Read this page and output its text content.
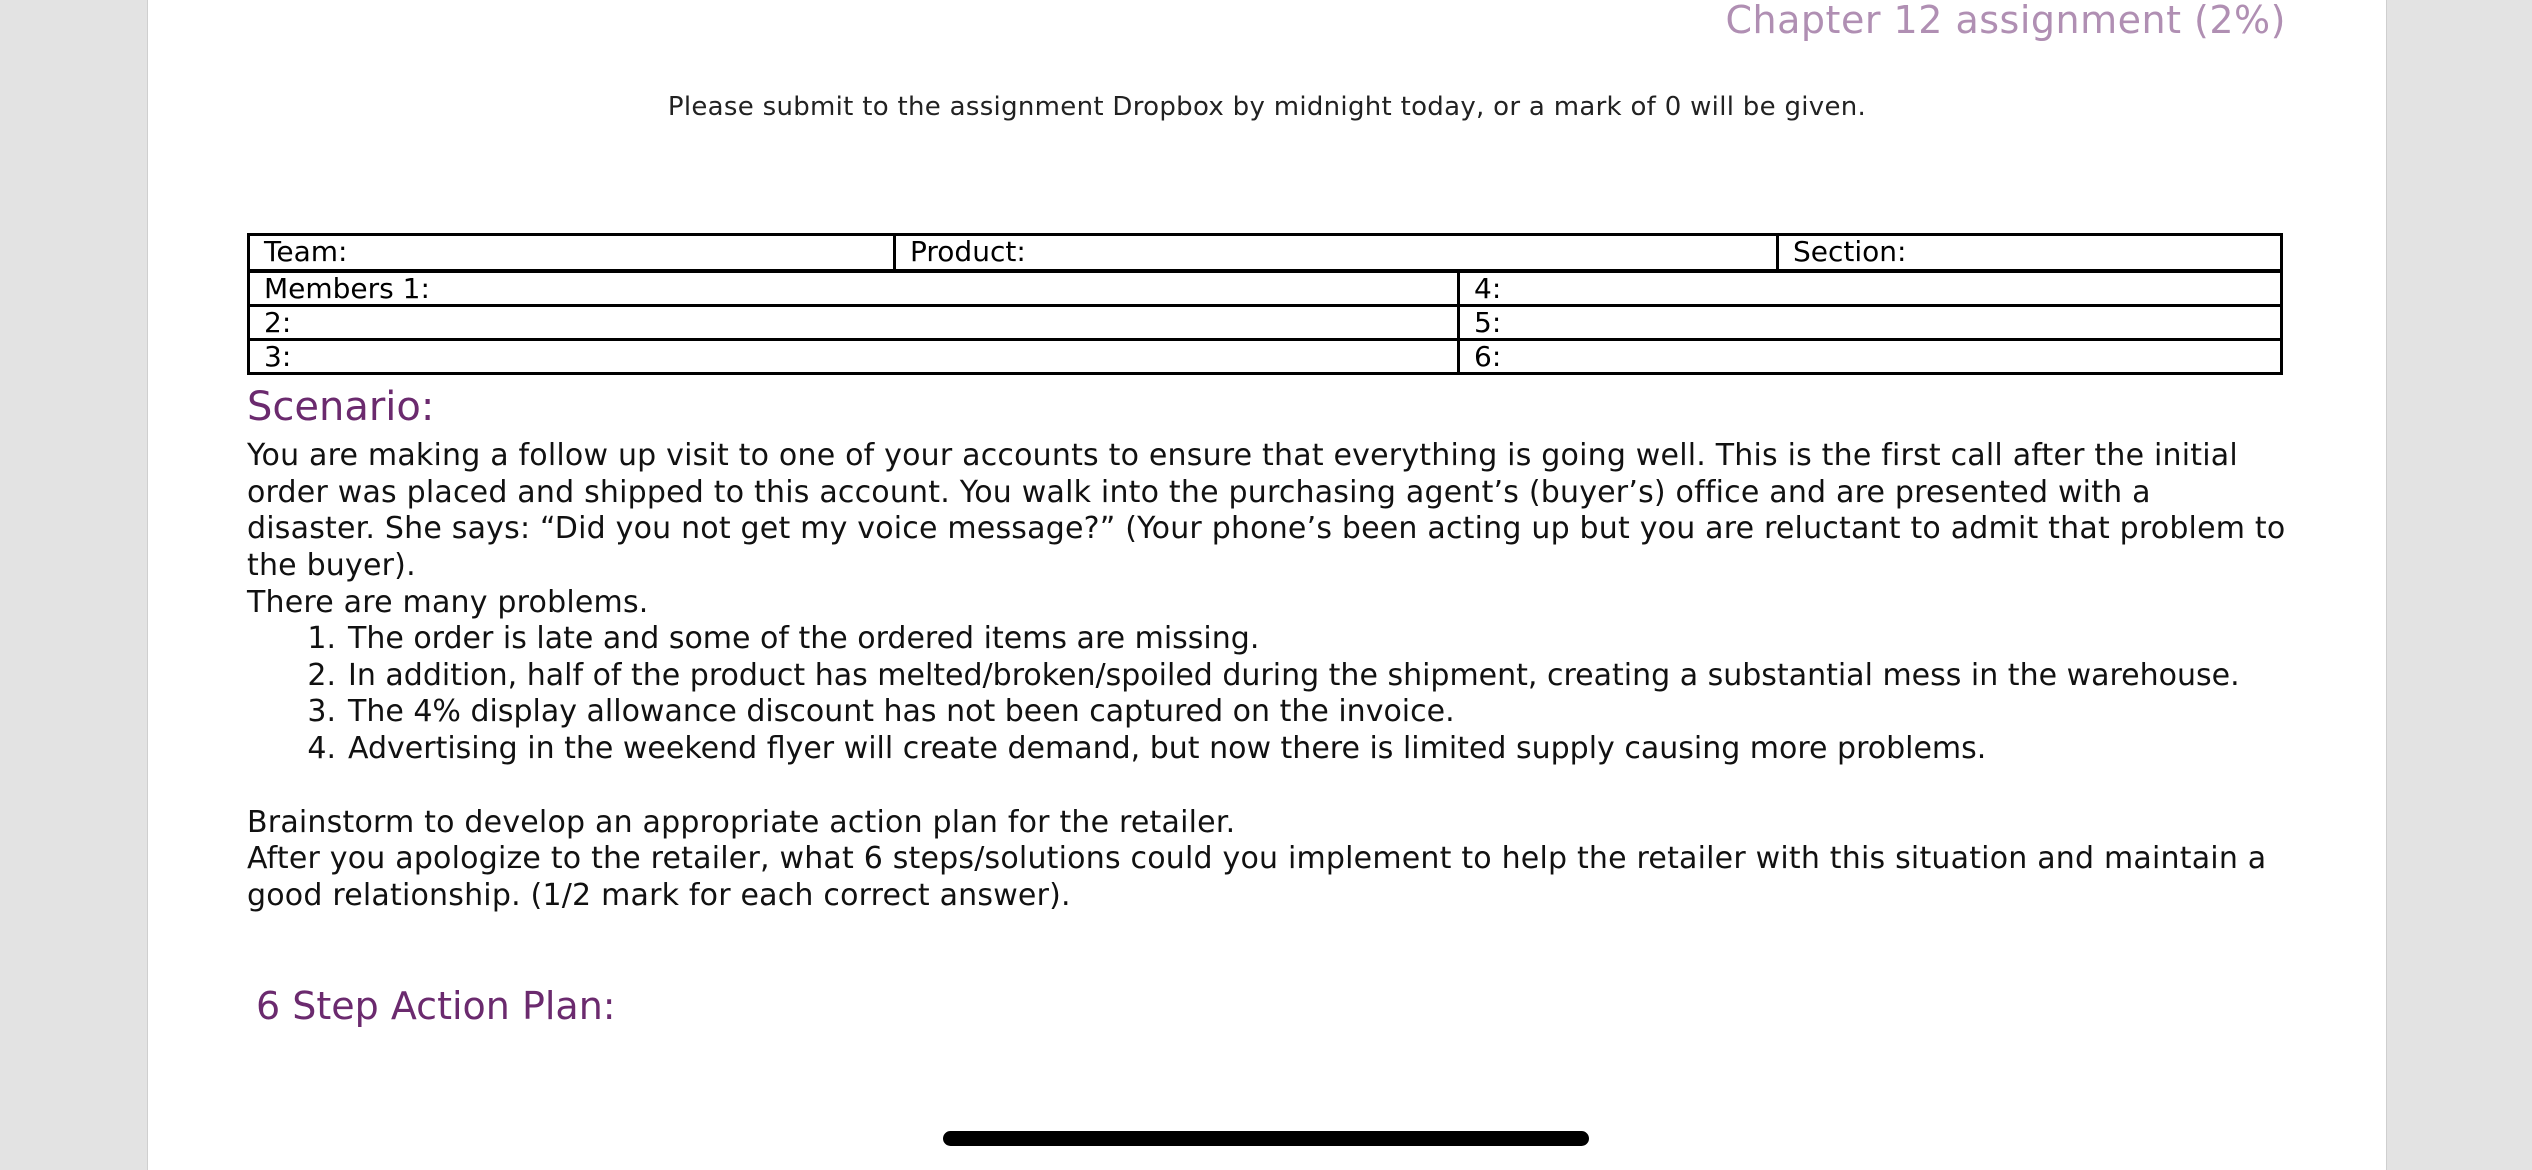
Chapter 12 assignment (2%)
Please submit to the assignment Dropbox by midnight today, or a mark of 0 will be given.
Team:	Product:	Section:
Members 1:	4:
2:	5:
3:	6:
Scenario:
You are making a follow up visit to one of your accounts to ensure that everything is going well. This is the first call after the initial order was placed and shipped to this account. You walk into the purchasing agent’s (buyer’s) office and are presented with a disaster. She says: “Did you not get my voice message?” (Your phone’s been acting up but you are reluctant to admit that problem to the buyer).
There are many problems.
1. The order is late and some of the ordered items are missing.
2. In addition, half of the product has melted/broken/spoiled during the shipment, creating a substantial mess in the warehouse.
3. The 4% display allowance discount has not been captured on the invoice.
4. Advertising in the weekend flyer will create demand, but now there is limited supply causing more problems.
Brainstorm to develop an appropriate action plan for the retailer.
After you apologize to the retailer, what 6 steps/solutions could you implement to help the retailer with this situation and maintain a good relationship. (1/2 mark for each correct answer).
6 Step Action Plan:
